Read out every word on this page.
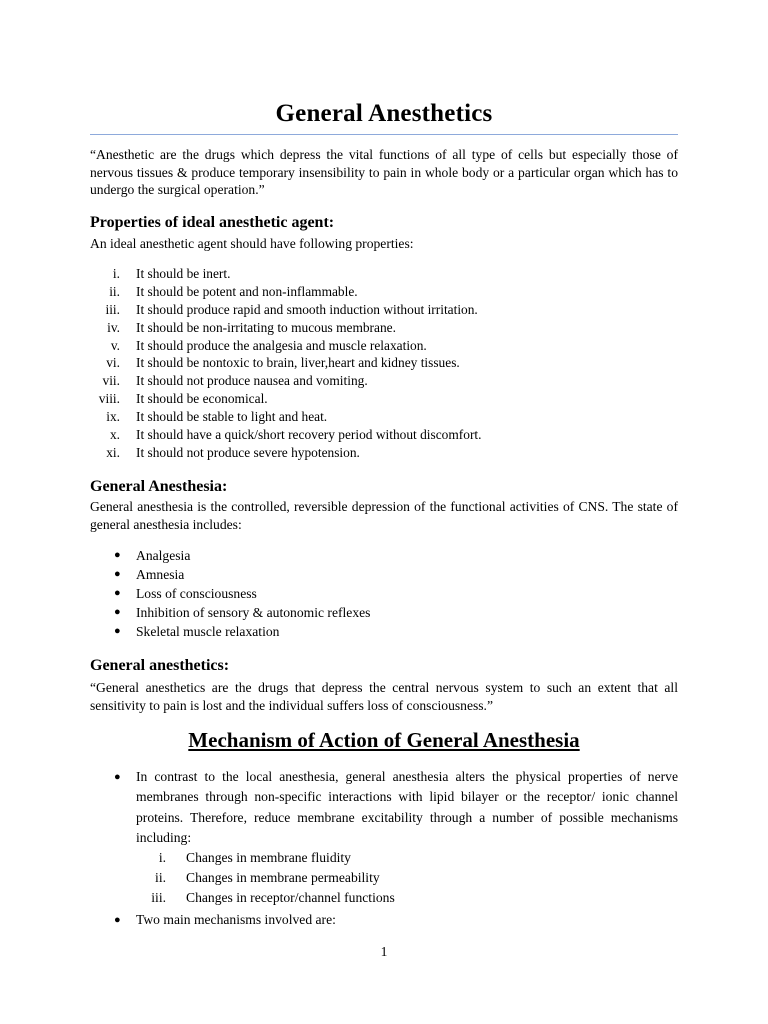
General Anesthetics

“Anesthetic are the drugs which depress the vital functions of all type of cells but especially those of nervous tissues & produce temporary insensibility to pain in whole body or a particular organ which has to undergo the surgical operation.”

Properties of ideal anesthetic agent:

An ideal anesthetic agent should have following properties:

i. It should be inert.
ii. It should be potent and non-inflammable.
iii. It should produce rapid and smooth induction without irritation.
iv. It should be non-irritating to mucous membrane.
v. It should produce the analgesia and muscle relaxation.
vi. It should be nontoxic to brain, liver,heart and kidney tissues.
vii. It should not produce nausea and vomiting.
viii. It should be economical.
ix. It should be stable to light and heat.
x. It should have a quick/short recovery period without discomfort.
xi. It should not produce severe hypotension.
General Anesthesia:

General anesthesia is the controlled, reversible depression of the functional activities of CNS. The state of general anesthesia includes:

● Analgesia
● Amnesia
● Loss of consciousness
● Inhibition of sensory & autonomic reflexes
● Skeletal muscle relaxation
General anesthetics:

“General anesthetics are the drugs that depress the central nervous system to such an extent that all sensitivity to pain is lost and the individual suffers loss of consciousness.”

Mechanism of Action of General Anesthesia
● In contrast to the local anesthesia, general anesthesia alters the physical properties of nerve membranes through non-specific interactions with lipid bilayer or the receptor/ ionic channel proteins. Therefore, reduce membrane excitability through a number of possible mechanisms including:
i. Changes in membrane fluidity
ii. Changes in membrane permeability
iii. Changes in receptor/channel functions
● Two main mechanisms involved are:
1
